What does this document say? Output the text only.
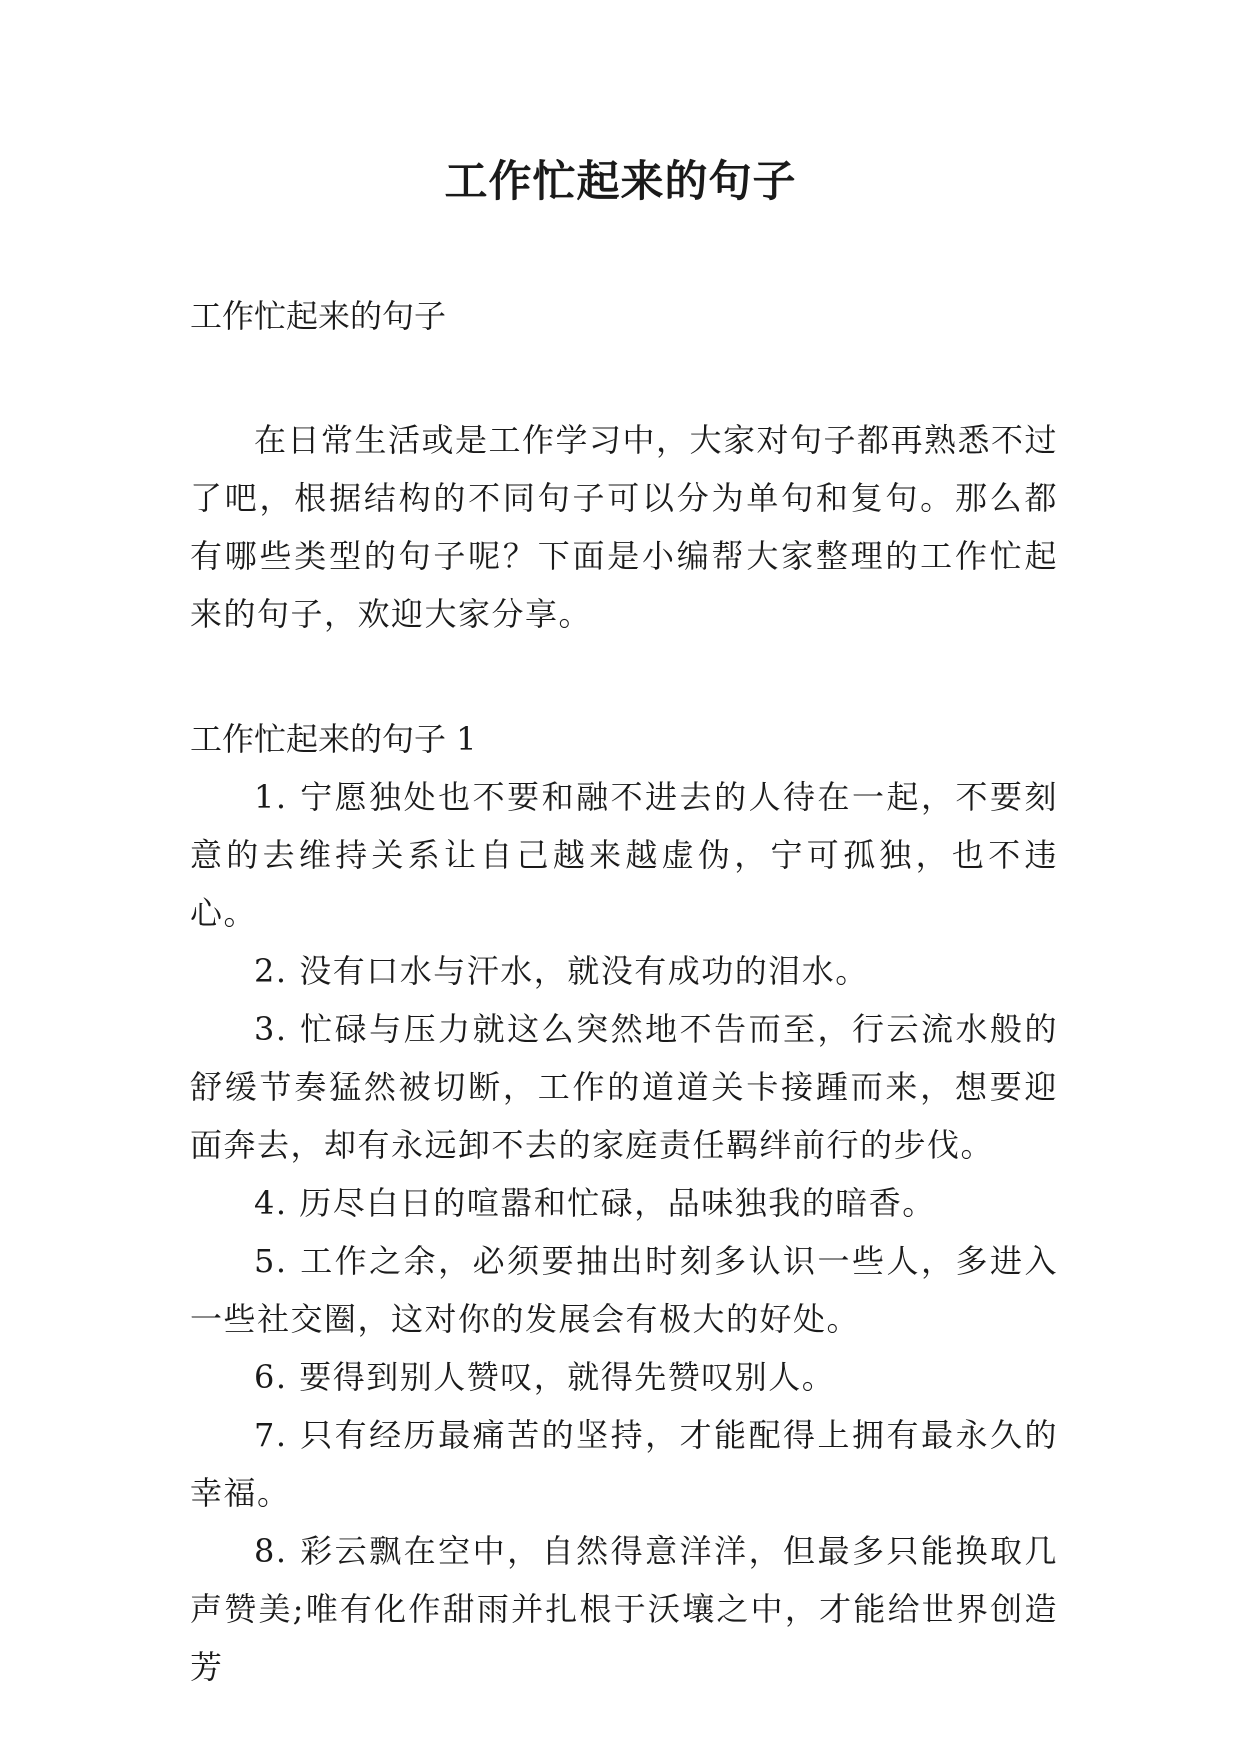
工作忙起来的句子

工作忙起来的句子

在日常生活或是工作学习中，大家对句子都再熟悉不过了吧，根据结构的不同句子可以分为单句和复句。那么都有哪些类型的句子呢？下面是小编帮大家整理的工作忙起来的句子，欢迎大家分享。

工作忙起来的句子 1

1. 宁愿独处也不要和融不进去的人待在一起，不要刻意的去维持关系让自己越来越虚伪，宁可孤独，也不违心。

2. 没有口水与汗水，就没有成功的泪水。

3. 忙碌与压力就这么突然地不告而至，行云流水般的舒缓节奏猛然被切断，工作的道道关卡接踵而来，想要迎面奔去，却有永远卸不去的家庭责任羁绊前行的步伐。

4. 历尽白日的喧嚣和忙碌，品味独我的暗香。

5. 工作之余，必须要抽出时刻多认识一些人，多进入一些社交圈，这对你的发展会有极大的好处。

6. 要得到别人赞叹，就得先赞叹别人。

7. 只有经历最痛苦的坚持，才能配得上拥有最永久的幸福。

8. 彩云飘在空中，自然得意洋洋，但最多只能换取几声赞美;唯有化作甜雨并扎根于沃壤之中，才能给世界创造芳
